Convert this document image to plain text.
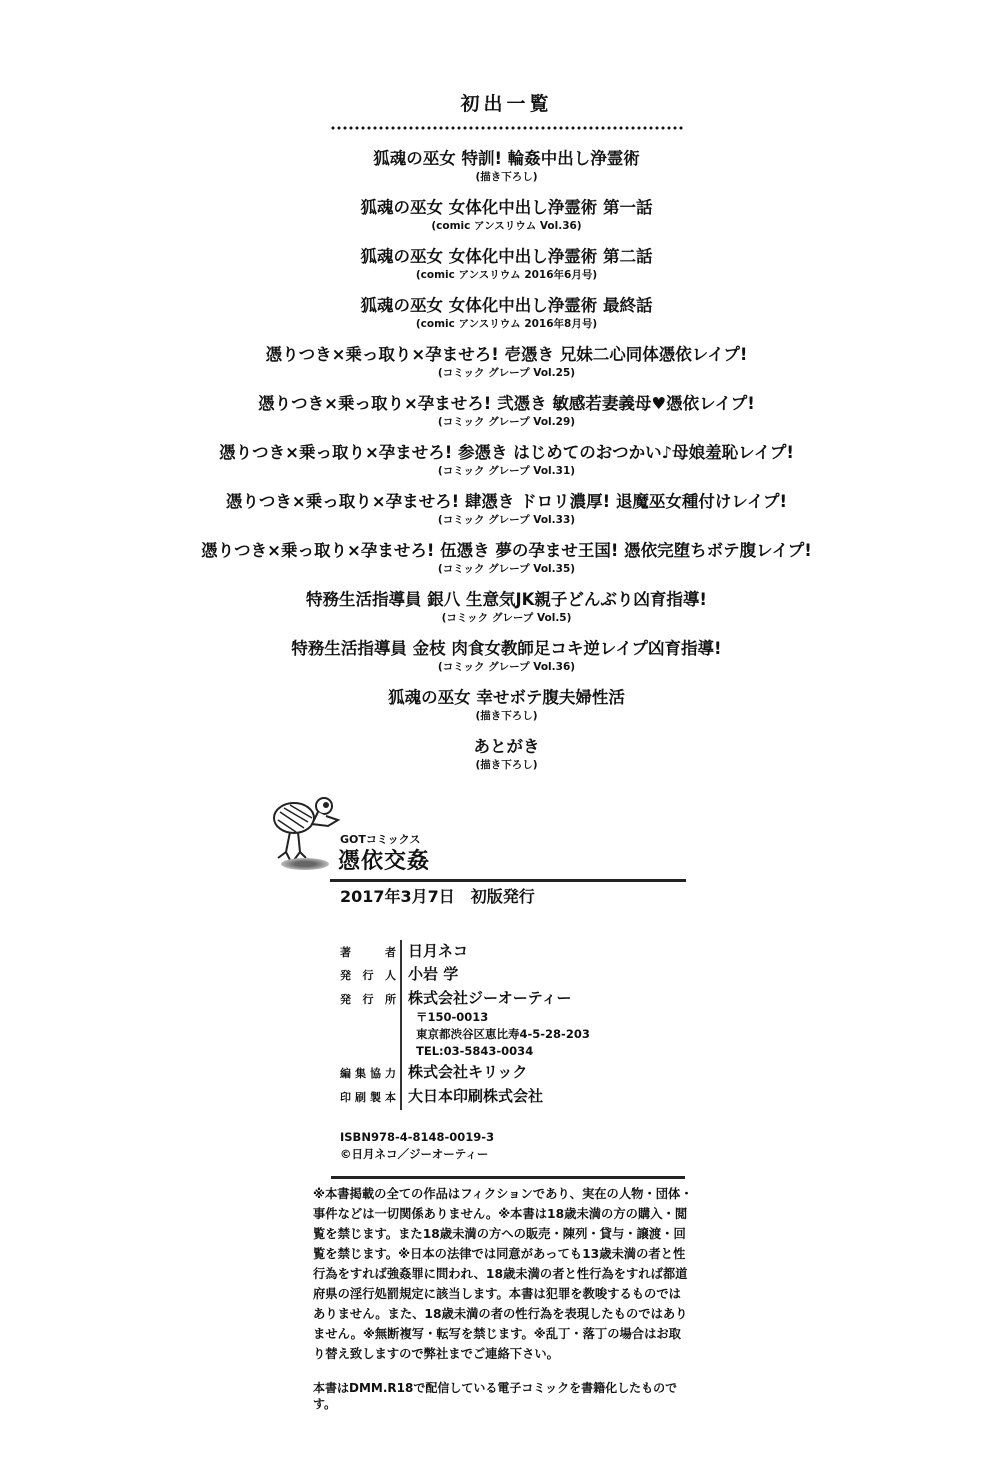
初出一覧
狐魂の巫女 特訓! 輪姦中出し浄霊術
(描き下ろし)
狐魂の巫女 女体化中出し浄霊術 第一話
(comic アンスリウム Vol.36)
狐魂の巫女 女体化中出し浄霊術 第二話
(comic アンスリウム 2016年6月号)
狐魂の巫女 女体化中出し浄霊術 最終話
(comic アンスリウム 2016年8月号)
憑りつき×乗っ取り×孕ませろ! 壱憑き 兄妹二心同体憑依レイプ!
(コミック グレープ Vol.25)
憑りつき×乗っ取り×孕ませろ! 弐憑き 敏感若妻義母♥憑依レイプ!
(コミック グレープ Vol.29)
憑りつき×乗っ取り×孕ませろ! 参憑き はじめてのおつかい♪母娘羞恥レイプ!
(コミック グレープ Vol.31)
憑りつき×乗っ取り×孕ませろ! 肆憑き ドロリ濃厚! 退魔巫女種付けレイプ!
(コミック グレープ Vol.33)
憑りつき×乗っ取り×孕ませろ! 伍憑き 夢の孕ませ王国! 憑依完堕ちボテ腹レイプ!
(コミック グレープ Vol.35)
特務生活指導員 銀八 生意気JK親子どんぶり凶育指導!
(コミック グレープ Vol.5)
特務生活指導員 金枝 肉食女教師足コキ逆レイプ凶育指導!
(コミック グレープ Vol.36)
狐魂の巫女 幸せボテ腹夫婦性活
(描き下ろし)
あとがき
(描き下ろし)
GOTコミックス
憑依交姦
2017年3月7日　初版発行
著	者 日月ネコ
発 行 人 小岩 学
発 行 所 株式会社ジーオーティー
〒150-0013
東京都渋谷区恵比寿4-5-28-203
TEL:03-5843-0034
編 集 協 力 株式会社キリック
印 刷 製 本 大日本印刷株式会社
ISBN978-4-8148-0019-3
©日月ネコ／ジーオーティー
※本書掲載の全ての作品はフィクションであり、実在の人物・団体・事件などは一切関係ありません。※本書は18歳未満の方の購入・閲覧を禁じます。また18歳未満の方への販売・陳列・貸与・譲渡・回覧を禁じます。※日本の法律では同意があっても13歳未満の者と性行為をすれば強姦罪に問われ、18歳未満の者と性行為をすれば都道府県の淫行処罰規定に該当します。本書は犯罪を教唆するものではありません。また、18歳未満の者の性行為を表現したものではありません。※無断複写・転写を禁じます。※乱丁・落丁の場合はお取り替え致しますので弊社までご連絡下さい。
本書はDMM.R18で配信している電子コミックを書籍化したものです。
